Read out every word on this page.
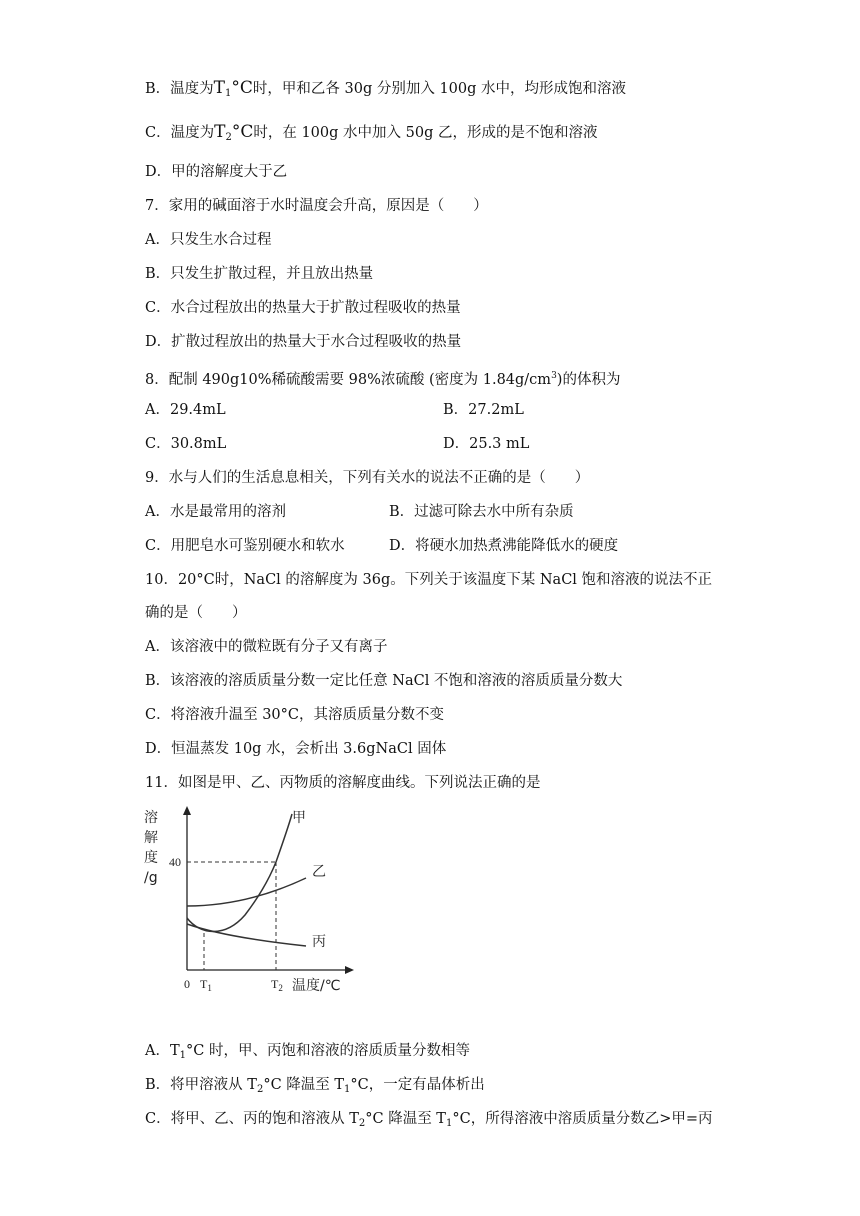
B．温度为$T_1^\circ C$时，甲和乙各 30g 分别加入 100g 水中，均形成饱和溶液
C．温度为$T_2^\circ C$时，在 100g 水中加入 50g 乙，形成的是不饱和溶液
D．甲的溶解度大于乙
7．家用的碱面溶于水时温度会升高，原因是（　　）
A．只发生水合过程
B．只发生扩散过程，并且放出热量
C．水合过程放出的热量大于扩散过程吸收的热量
D．扩散过程放出的热量大于水合过程吸收的热量
8．配制 490g10%稀硫酸需要 98%浓硫酸 (密度为 $1.84g/cm^3$)的体积为
A．29.4mL	B．27.2mL
C．30.8mL	D．25.3 mL
9．水与人们的生活息息相关，下列有关水的说法不正确的是（　　）
A．水是最常用的溶剂	B．过滤可除去水中所有杂质
C．用肥皂水可鉴别硬水和软水	D．将硬水加热煮沸能降低水的硬度
10．20°C时，NaCl 的溶解度为 36g。下列关于该温度下某 NaCl 饱和溶液的说法不正
确的是（　　）
A．该溶液中的微粒既有分子又有离子
B．该溶液的溶质质量分数一定比任意 NaCl 不饱和溶液的溶质质量分数大
C．将溶液升温至 30°C，其溶质质量分数不变
D．恒温蒸发 10g 水，会析出 3.6gNaCl 固体
11．如图是甲、乙、丙物质的溶解度曲线。下列说法正确的是
溶
解
度
/g
甲
乙
丙
40
0 $T_1$	$T_2$ 温度/℃
A．$T_1^\circ C$ 时，甲、丙饱和溶液的溶质质量分数相等
B．将甲溶液从 $T_2^\circ C$ 降温至 $T_1^\circ C$，一定有晶体析出
C．将甲、乙、丙的饱和溶液从 $T_2^\circ C$ 降温至 $T_1^\circ C$，所得溶液中溶质质量分数乙>甲=丙
